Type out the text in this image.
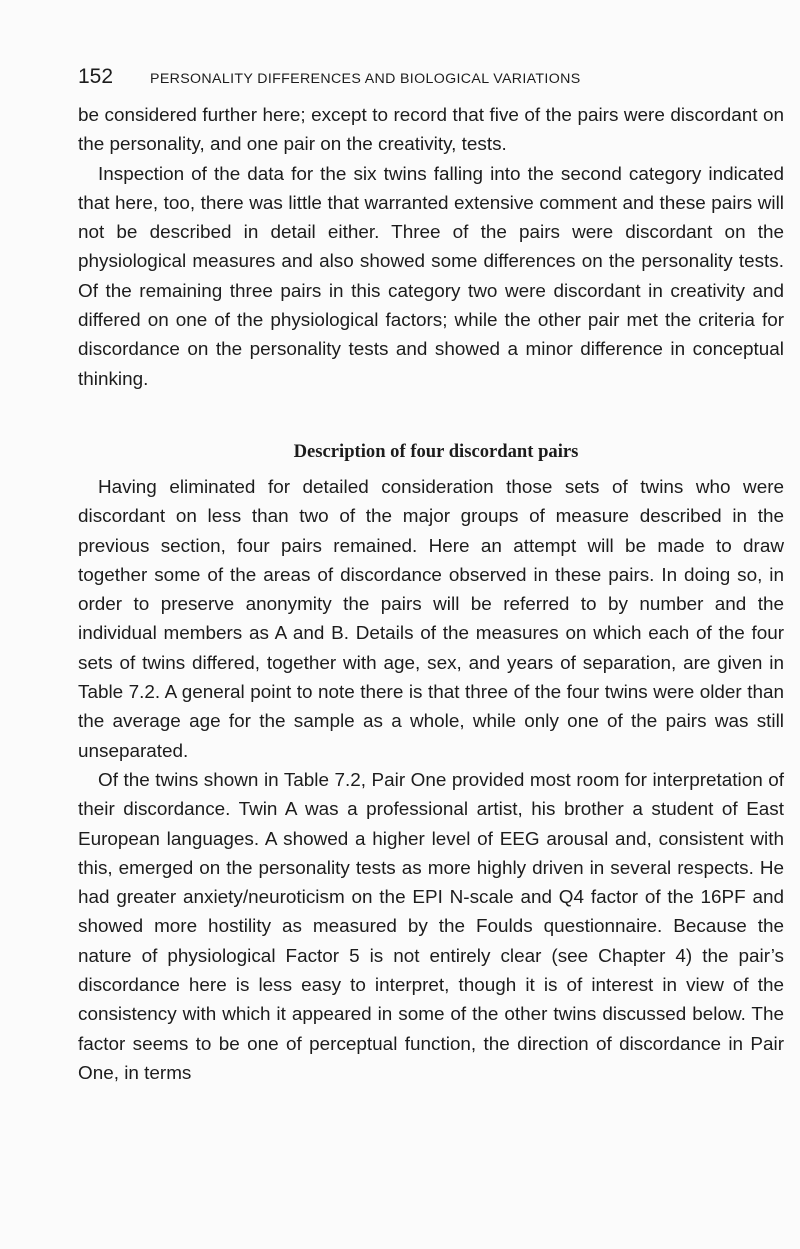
152	PERSONALITY DIFFERENCES AND BIOLOGICAL VARIATIONS

be considered further here; except to record that five of the pairs were discordant on the personality, and one pair on the creativity, tests.

Inspection of the data for the six twins falling into the second category indicated that here, too, there was little that warranted extensive comment and these pairs will not be described in detail either. Three of the pairs were discordant on the physiological measures and also showed some differences on the personality tests. Of the remaining three pairs in this category two were discordant in creativity and differed on one of the physiological factors; while the other pair met the criteria for discordance on the personality tests and showed a minor difference in conceptual thinking.

Description of four discordant pairs

Having eliminated for detailed consideration those sets of twins who were discordant on less than two of the major groups of measure described in the previous section, four pairs remained. Here an attempt will be made to draw together some of the areas of discordance observed in these pairs. In doing so, in order to preserve anonymity the pairs will be referred to by number and the individual members as A and B. Details of the measures on which each of the four sets of twins differed, together with age, sex, and years of separation, are given in Table 7.2. A general point to note there is that three of the four twins were older than the average age for the sample as a whole, while only one of the pairs was still unseparated.

Of the twins shown in Table 7.2, Pair One provided most room for interpretation of their discordance. Twin A was a professional artist, his brother a student of East European languages. A showed a higher level of EEG arousal and, consistent with this, emerged on the personality tests as more highly driven in several respects. He had greater anxiety/neuroticism on the EPI N-scale and Q4 factor of the 16PF and showed more hostility as measured by the Foulds questionnaire. Because the nature of physiological Factor 5 is not entirely clear (see Chapter 4) the pair’s discordance here is less easy to interpret, though it is of interest in view of the consistency with which it appeared in some of the other twins discussed below. The factor seems to be one of perceptual function, the direction of discordance in Pair One, in terms
